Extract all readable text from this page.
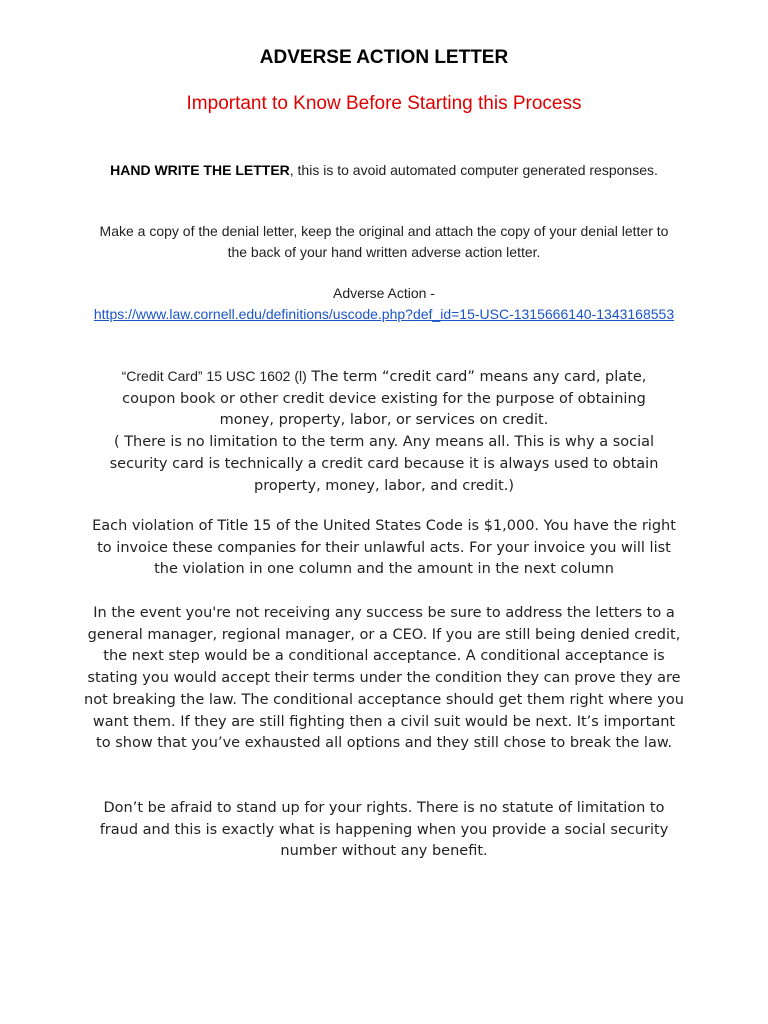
ADVERSE ACTION LETTER
Important to Know Before Starting this Process

HAND WRITE THE LETTER, this is to avoid automated computer generated responses.

Make a copy of the denial letter, keep the original and attach the copy of your denial letter to the back of your hand written adverse action letter.

Adverse Action -
https://www.law.cornell.edu/definitions/uscode.php?def_id=15-USC-1315666140-1343168553
“Credit Card” 15 USC 1602 (l) The term “credit card” means any card, plate, coupon book or other credit device existing for the purpose of obtaining money, property, labor, or services on credit.
( There is no limitation to the term any. Any means all. This is why a social security card is technically a credit card because it is always used to obtain property, money, labor, and credit.)

Each violation of Title 15 of the United States Code is $1,000. You have the right to invoice these companies for their unlawful acts. For your invoice you will list the violation in one column and the amount in the next column

In the event you're not receiving any success be sure to address the letters to a general manager, regional manager, or a CEO. If you are still being denied credit, the next step would be a conditional acceptance. A conditional acceptance is stating you would accept their terms under the condition they can prove they are not breaking the law. The conditional acceptance should get them right where you want them. If they are still fighting then a civil suit would be next. It’s important to show that you’ve exhausted all options and they still chose to break the law.

Don’t be afraid to stand up for your rights. There is no statute of limitation to fraud and this is exactly what is happening when you provide a social security number without any benefit.
